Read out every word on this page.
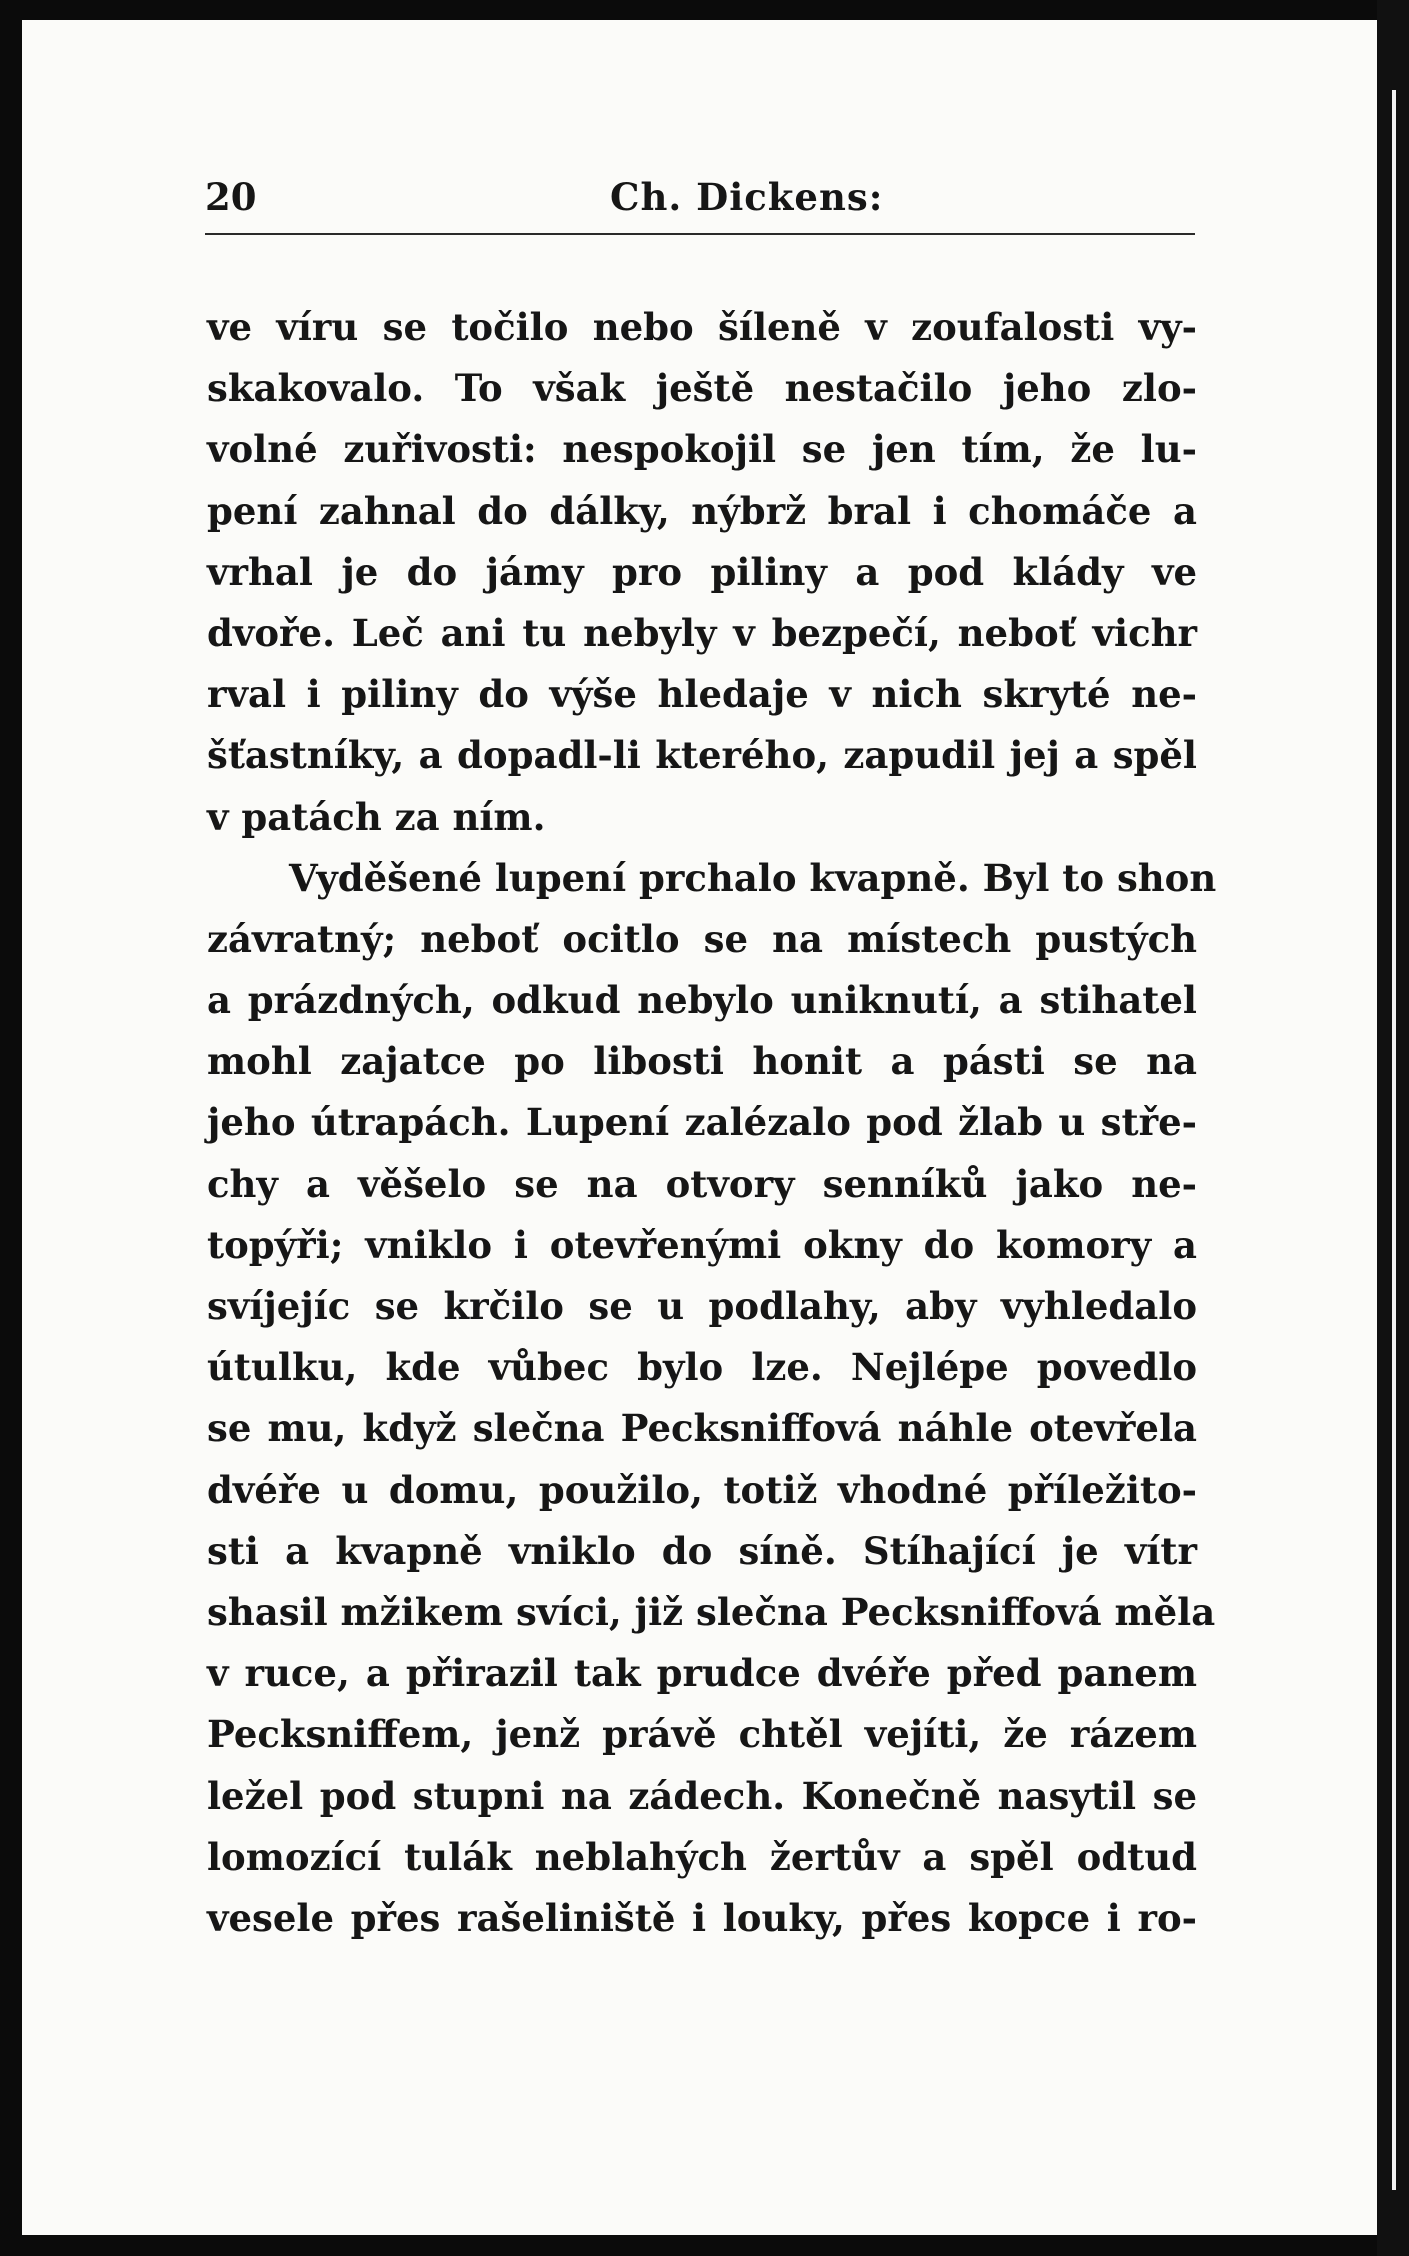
20	Ch. Dickens:
ve víru se točilo nebo šíleně v zoufalosti vy-
skakovalo. To však ještě nestačilo jeho zlo-
volné zuřivosti: nespokojil se jen tím, že lu-
pení zahnal do dálky, nýbrž bral i chomáče a
vrhal je do jámy pro piliny a pod klády ve
dvoře. Leč ani tu nebyly v bezpečí, neboť vichr
rval i piliny do výše hledaje v nich skryté ne-
šťastníky, a dopadl-li kterého, zapudil jej a spěl
v patách za ním.
Vyděšené lupení prchalo kvapně. Byl to shon
závratný; neboť ocitlo se na místech pustých
a prázdných, odkud nebylo uniknutí, a stihatel
mohl zajatce po libosti honit a pásti se na
jeho útrapách. Lupení zalézalo pod žlab u stře-
chy a věšelo se na otvory senníků jako ne-
topýři; vniklo i otevřenými okny do komory a
svíjejíc se krčilo se u podlahy, aby vyhledalo
útulku, kde vůbec bylo lze. Nejlépe povedlo
se mu, když slečna Pecksniffová náhle otevřela
dvéře u domu, použilo, totiž vhodné příležito-
sti a kvapně vniklo do síně. Stíhající je vítr
shasil mžikem svíci, již slečna Pecksniffová měla
v ruce, a přirazil tak prudce dvéře před panem
Pecksniffem, jenž právě chtěl vejíti, že rázem
ležel pod stupni na zádech. Konečně nasytil se
lomozící tulák neblahých žertův a spěl odtud
vesele přes rašeliniště i louky, přes kopce i ro-
